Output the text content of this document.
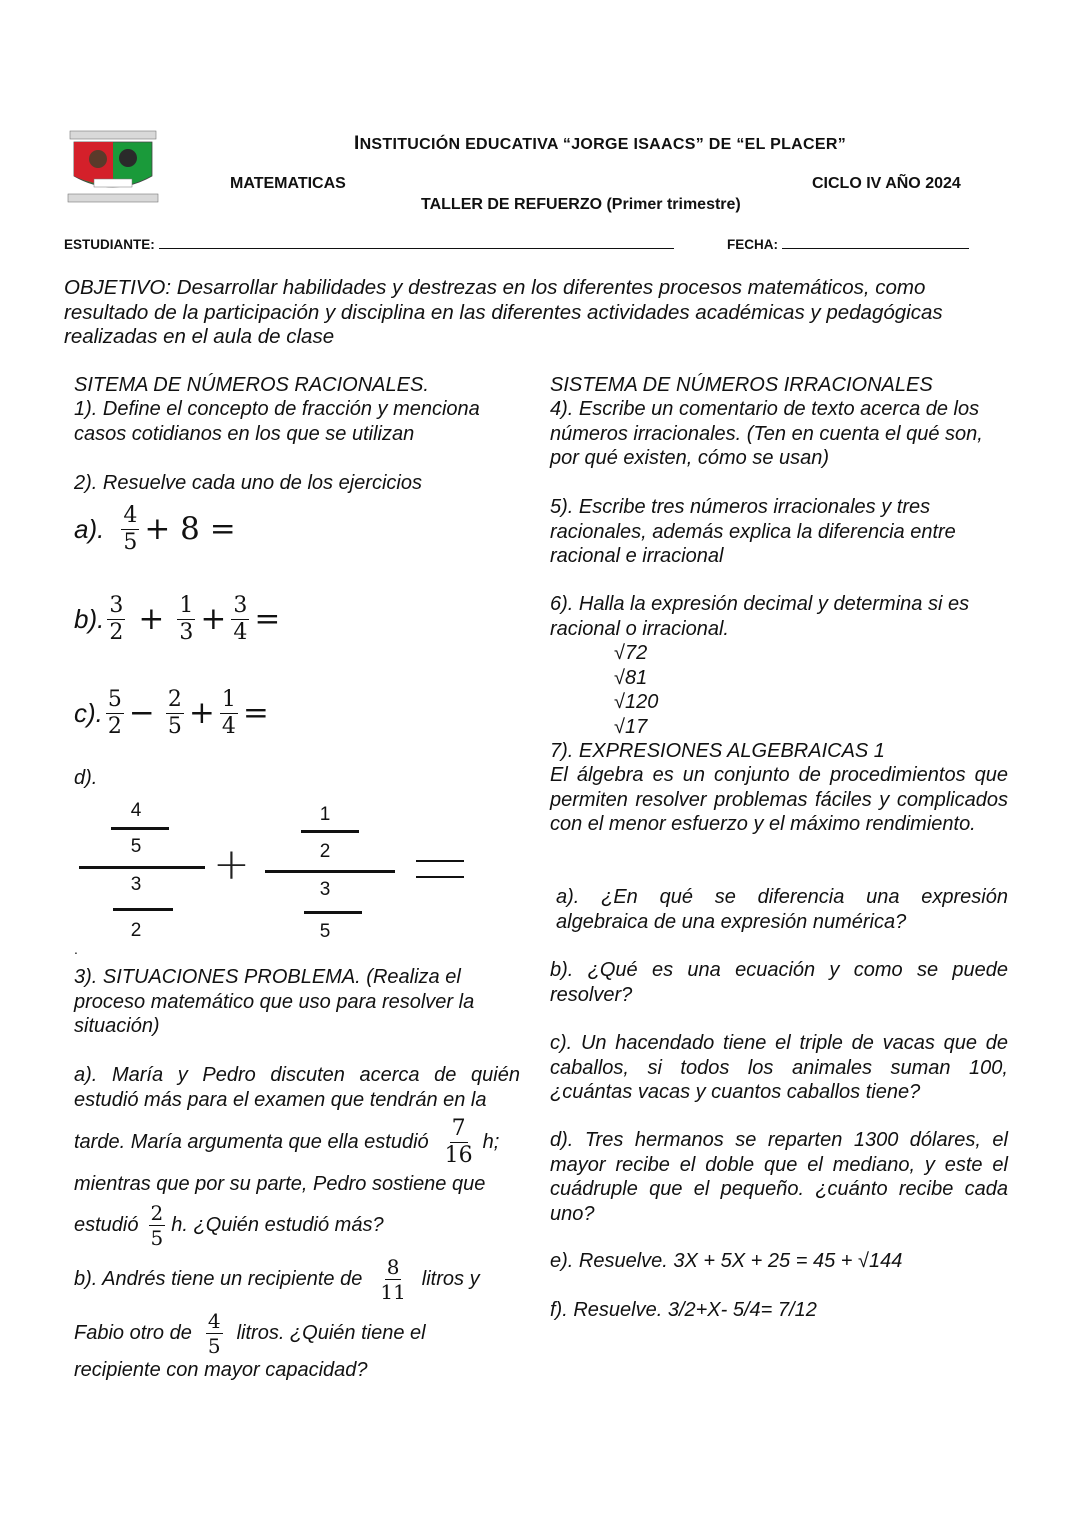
INSTITUCIÓN EDUCATIVA “JORGE ISAACS” DE “EL PLACER”
MATEMATICAS	CICLO IV AÑO 2024
TALLER DE REFUERZO (Primer trimestre)
ESTUDIANTE:	FECHA:
OBJETIVO: Desarrollar habilidades y destrezas en los diferentes procesos matemáticos, como resultado de la participación y disciplina en las diferentes actividades académicas y pedagógicas realizadas en el aula de clase
SITEMA DE NÚMEROS RACIONALES.
1). Define el concepto de fracción y menciona casos cotidianos en los que se utilizan
2). Resuelve cada uno de los ejercicios
a). $\frac{4}{5} + 8$ =
b). $\frac{3}{2} + \frac{1}{3} + \frac{3}{4}$ =
c). $\frac{5}{2} - \frac{2}{5} + \frac{1}{4}$ =
d).
4
5
3
2
+
1
2
3
5
.
3). SITUACIONES PROBLEMA. (Realiza el proceso matemático que uso para resolver la situación)
a). María y Pedro discuten acerca de quién estudió más para el examen que tendrán en la
tarde. María argumenta que ella estudió $\frac{7}{16} h$;
mientras que por su parte, Pedro sostiene que
estudió $\frac{2}{5} h$. ¿Quién estudió más?
b). Andrés tiene un recipiente de $\frac{8}{11}$ litros y
Fabio otro de $\frac{4}{5}$ litros. ¿Quién tiene el
recipiente con mayor capacidad?
SISTEMA DE NÚMEROS IRRACIONALES
4). Escribe un comentario de texto acerca de los números irracionales. (Ten en cuenta el qué son, por qué existen, cómo se usan)
5). Escribe tres números irracionales y tres racionales, además explica la diferencia entre racional e irracional
6). Halla la expresión decimal y determina si es racional o irracional.
√72
√81
√120
√17
7). EXPRESIONES ALGEBRAICAS 1
El álgebra es un conjunto de procedimientos que permiten resolver problemas fáciles y complicados con el menor esfuerzo y el máximo rendimiento.
a). ¿En qué se diferencia una expresión algebraica de una expresión numérica?
b). ¿Qué es una ecuación y como se puede resolver?
c). Un hacendado tiene el triple de vacas que de caballos, si todos los animales suman 100, ¿cuántas vacas y cuantos caballos tiene?
d). Tres hermanos se reparten 1300 dólares, el mayor recibe el doble que el mediano, y este el cuádruple que el pequeño. ¿cuánto recibe cada uno?
e). Resuelve. 3X + 5X + 25 = 45 + √144
f). Resuelve. 3/2+X- 5/4= 7/12
